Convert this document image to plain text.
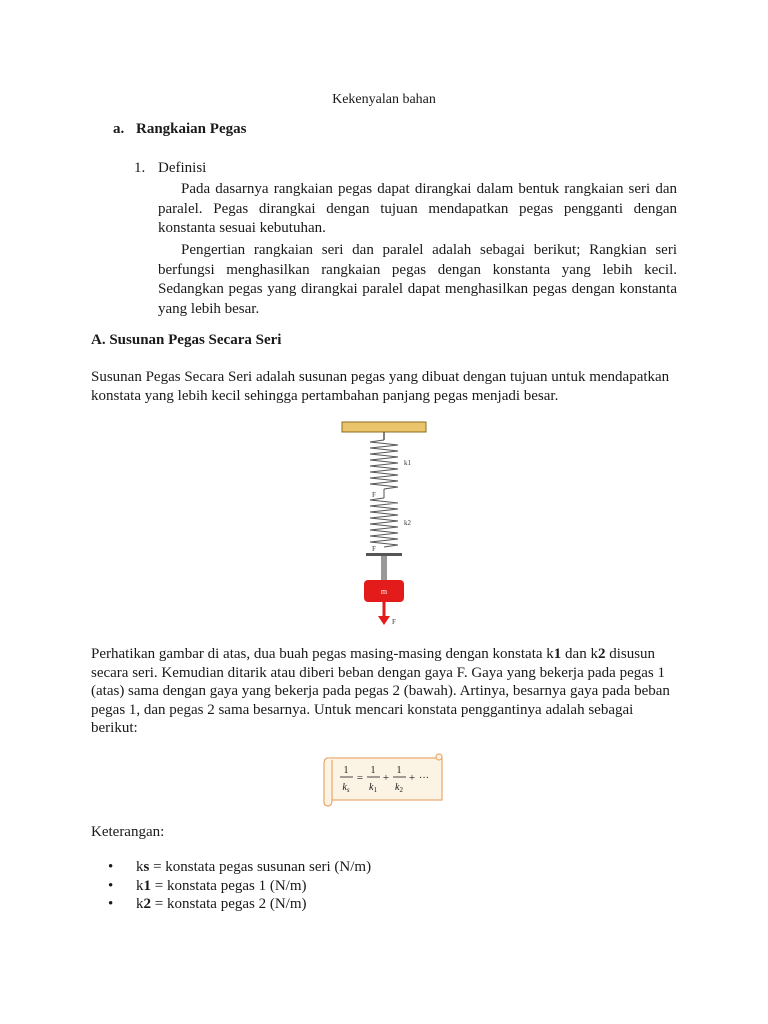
Kekenyalan bahan
a. Rangkaian Pegas
1. Definisi

Pada dasarnya rangkaian pegas dapat dirangkai dalam bentuk rangkaian seri dan paralel. Pegas dirangkai dengan tujuan mendapatkan pegas pengganti dengan konstanta sesuai kebutuhan.

Pengertian rangkaian seri dan paralel adalah sebagai berikut; Rangkian seri berfungsi menghasilkan rangkaian pegas dengan konstanta yang lebih kecil. Sedangkan pegas yang dirangkai paralel dapat menghasilkan pegas dengan konstanta yang lebih besar.

A. Susunan Pegas Secara Seri

Susunan Pegas Secara Seri adalah susunan pegas yang dibuat dengan tujuan untuk mendapatkan konstata yang lebih kecil sehingga pertambahan panjang pegas menjadi besar.

k1
F
k2
F
m
F

Perhatikan gambar di atas, dua buah pegas masing-masing dengan konstata k1 dan k2 disusun secara seri. Kemudian ditarik atau diberi beban dengan gaya F. Gaya yang bekerja pada pegas 1 (atas) sama dengan gaya yang bekerja pada pegas 2 (bawah). Artinya, besarnya gaya pada beban pegas 1, dan pegas 2 sama besarnya. Untuk mencari konstata penggantinya adalah sebagai berikut:

1
$k_s$
=
1
$k_1$
+
1
$k_2$
+ ···
Keterangan:
• ks = konstata pegas susunan seri (N/m)
• k1 = konstata pegas 1 (N/m)
• k2 = konstata pegas 2 (N/m)
